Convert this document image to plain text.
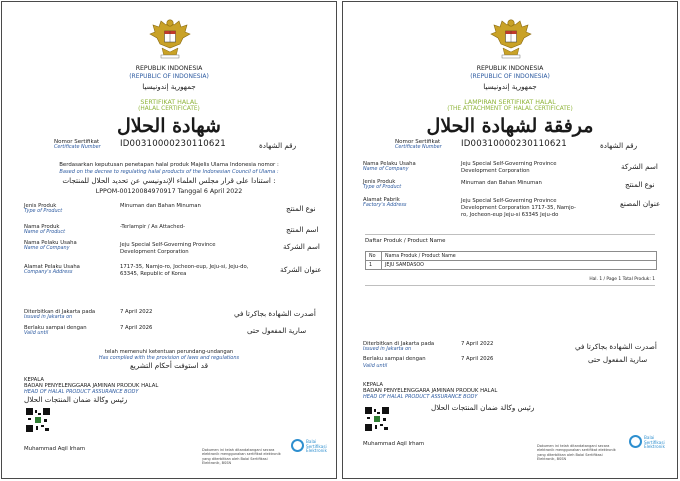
REPUBLIK INDONESIA
(REPUBLIC OF INDONESIA)
جمهورية إندونيسيا
SERTIFIKAT HALAL
(HALAL CERTIFICATE)
شهادة الحلال
Nomor Sertifikat
Certificate Number ID00310000230110621	رقم الشهادة
Berdasarkan keputusan penetapan halal produk Majelis Ulama Indonesia nomor :
Based on the decree to regulating halal products of the Indonesian Council of Ulama :
استنادا على قرار مجلس العلماء الإندونيسي عن تحديد الحلال للمنتجات :
LPPOM-00120084970917 Tanggal 6 April 2022
Jenis Produk
Type of Product
Minuman dan Bahan Minuman	نوع المنتج
Nama Produk
Name of Product
-Terlampir / As Attached-	اسم المنتج
Nama Pelaku Usaha
Name of Company
Jeju Special Self-Governing Province Development Corporation
اسم الشركة
Alamat Pelaku Usaha
Company's Address
1717-35, Namjo-ro, Jocheon-eup, Jeju-si, Jeju-do, 63345, Republic of Korea	عنوان الشركة
Diterbitkan di Jakarta pada
Issued in Jakarta on
7 April 2022	أصدرت الشهادة بجاكرتا في
Berlaku sampai dengan
Valid until
7 April 2026	سارية المفعول حتى
telah memenuhi ketentuan perundang-undangan
Has complied with the provision of laws and regulations
قد استوفت أحكام التشريع
KEPALA
BADAN PENYELENGGARA JAMINAN PRODUK HALAL
HEAD OF HALAL PRODUCT ASSURANCE BODY
رئيس وكالة ضمان المنتجات الحلال
Muhammad Aqil Irham	Dokumen ini telah ditandatangani secara elektronik menggunakan sertifikat elektronik yang diterbitkan oleh Balai Sertifikasi Elektronik, BSSN
Balai Sertifikasi Elektronik
REPUBLIK INDONESIA
(REPUBLIC OF INDONESIA)
جمهورية إندونيسيا
LAMPIRAN SERTIFIKAT HALAL
(THE ATTACHMENT OF HALAL CERTIFICATE)
مرفقة لشهادة الحلال
Nomor Sertifikat
Certificate Number ID00310000230110621	رقم الشهادة
Nama Pelaku Usaha
Name of Company
Jeju Special Self-Governing Province Development Corporation	اسم الشركة
Jenis Produk
Type of Product
Minuman dan Bahan Minuman	نوع المنتج
Alamat Pabrik
Factory's Address
Jeju Special Self-Governing Province Development Corporation 1717-35, Namjo-ro, Jocheon-eup Jeju-si 63345 Jeju-do
عنوان المصنع
Daftar Produk / Product Name
No	Nama Produk / Product Name
1	JEJU SAMDASOO
Hal. 1 / Page 1 Total Produk: 1
Diterbitkan di Jakarta pada
Issued in Jakarta on
7 April 2022	أصدرت الشهادة بجاكرتا في
Berlaku sampai dengan	7 April 2026	سارية المفعول حتى
Valid until
KEPALA
BADAN PENYELENGGARA JAMINAN PRODUK HALAL
HEAD OF HALAL PRODUCT ASSURANCE BODY
رئيس وكالة ضمان المنتجات الحلال
Muhammad Aqil Irham	Dokumen ini telah ditandatangani secara elektronik menggunakan sertifikat elektronik yang diterbitkan oleh Balai Sertifikasi Elektronik, BSSN
Balai Sertifikasi Elektronik
